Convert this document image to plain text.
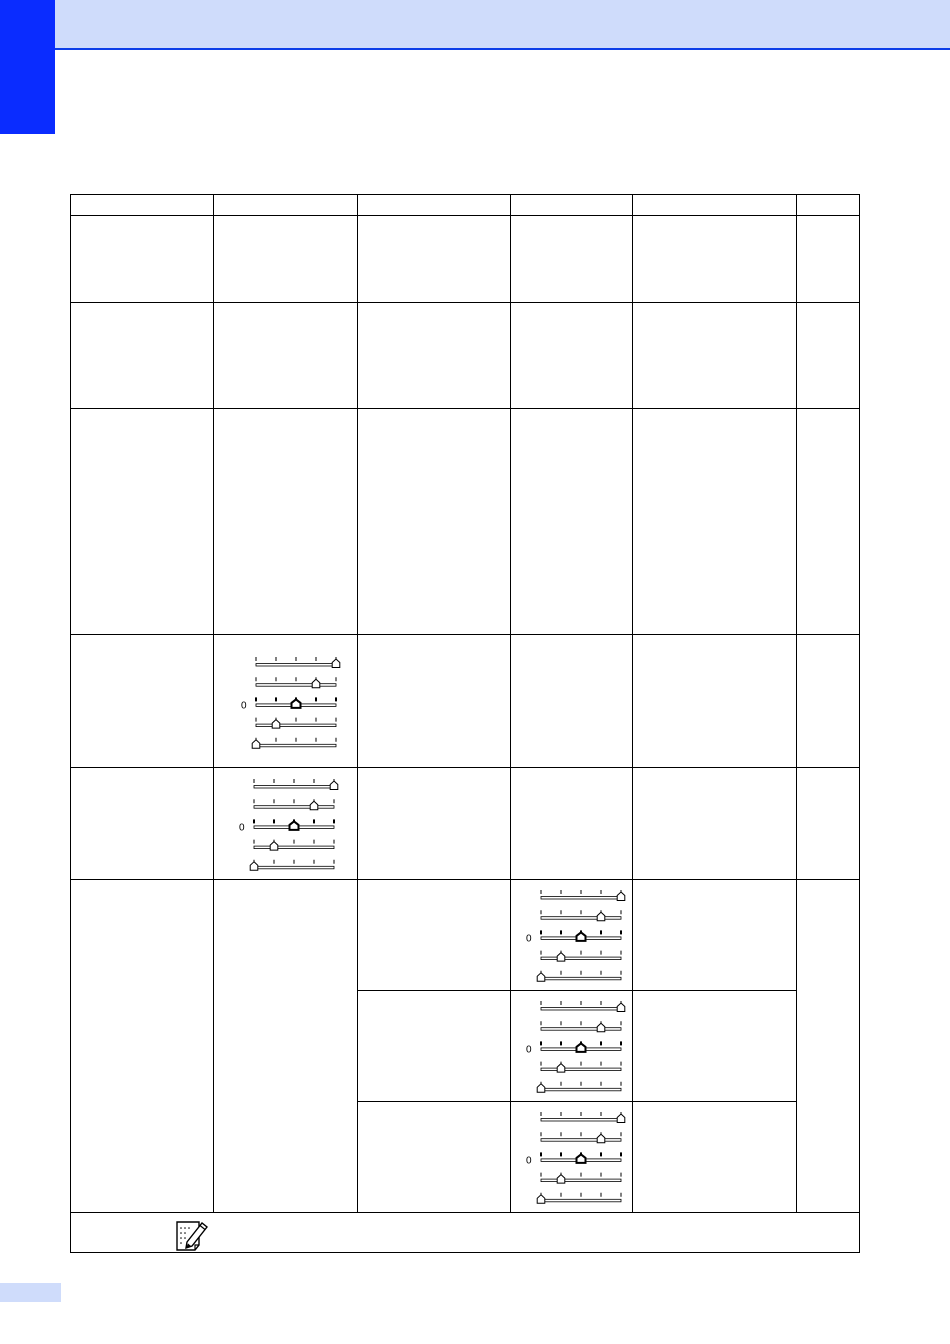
0
0
0
0
0
